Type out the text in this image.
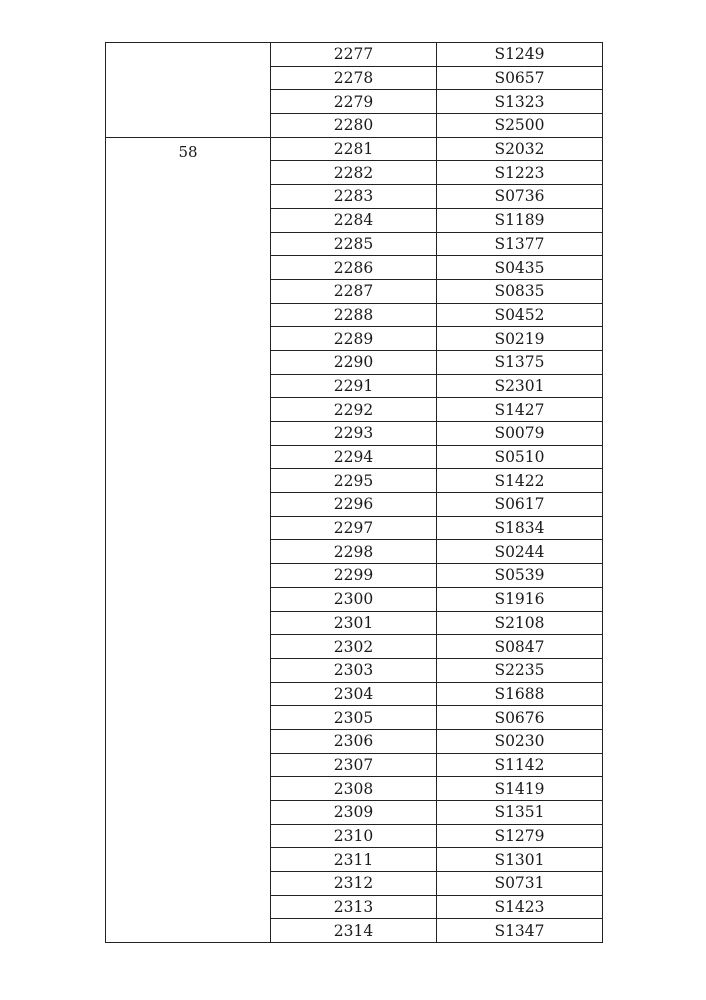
	2277	S1249
	2278	S0657
	2279	S1323
	2280	S2500
58	2281	S2032
	2282	S1223
	2283	S0736
	2284	S1189
	2285	S1377
	2286	S0435
	2287	S0835
	2288	S0452
	2289	S0219
	2290	S1375
	2291	S2301
	2292	S1427
	2293	S0079
	2294	S0510
	2295	S1422
	2296	S0617
	2297	S1834
	2298	S0244
	2299	S0539
	2300	S1916
	2301	S2108
	2302	S0847
	2303	S2235
	2304	S1688
	2305	S0676
	2306	S0230
	2307	S1142
	2308	S1419
	2309	S1351
	2310	S1279
	2311	S1301
	2312	S0731
	2313	S1423
	2314	S1347
